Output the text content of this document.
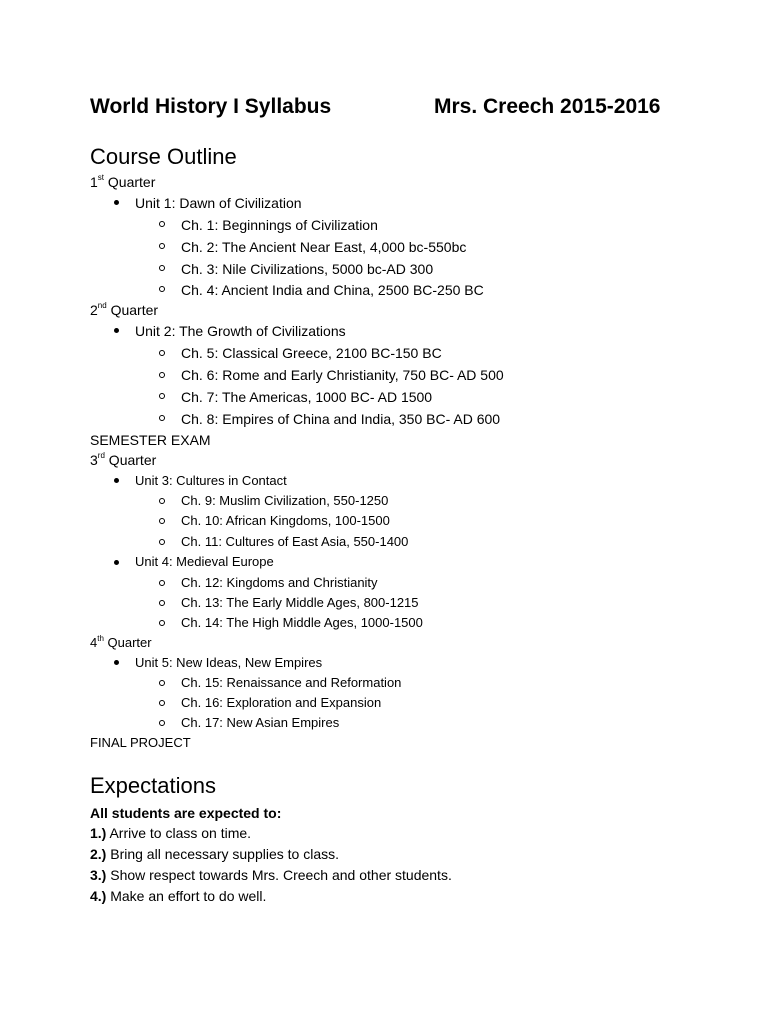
World History I Syllabus	Mrs. Creech 2015-2016
Course Outline
1st Quarter
Unit 1: Dawn of Civilization
Ch. 1: Beginnings of Civilization
Ch. 2: The Ancient Near East, 4,000 bc-550bc
Ch. 3: Nile Civilizations, 5000 bc-AD 300
Ch. 4: Ancient India and China, 2500 BC-250 BC
2nd Quarter
Unit 2: The Growth of Civilizations
Ch. 5: Classical Greece, 2100 BC-150 BC
Ch. 6: Rome and Early Christianity, 750 BC- AD 500
Ch. 7: The Americas, 1000 BC- AD 1500
Ch. 8: Empires of China and India, 350 BC- AD 600
SEMESTER EXAM
3rd Quarter
Unit 3: Cultures in Contact
Ch. 9: Muslim Civilization, 550-1250
Ch. 10: African Kingdoms, 100-1500
Ch. 11: Cultures of East Asia, 550-1400
Unit 4: Medieval Europe
Ch. 12: Kingdoms and Christianity
Ch. 13: The Early Middle Ages, 800-1215
Ch. 14: The High Middle Ages, 1000-1500
4th Quarter
Unit 5: New Ideas, New Empires
Ch. 15: Renaissance and Reformation
Ch. 16: Exploration and Expansion
Ch. 17: New Asian Empires
FINAL PROJECT
Expectations
All students are expected to:
1.) Arrive to class on time.
2.) Bring all necessary supplies to class.
3.) Show respect towards Mrs. Creech and other students.
4.) Make an effort to do well.
